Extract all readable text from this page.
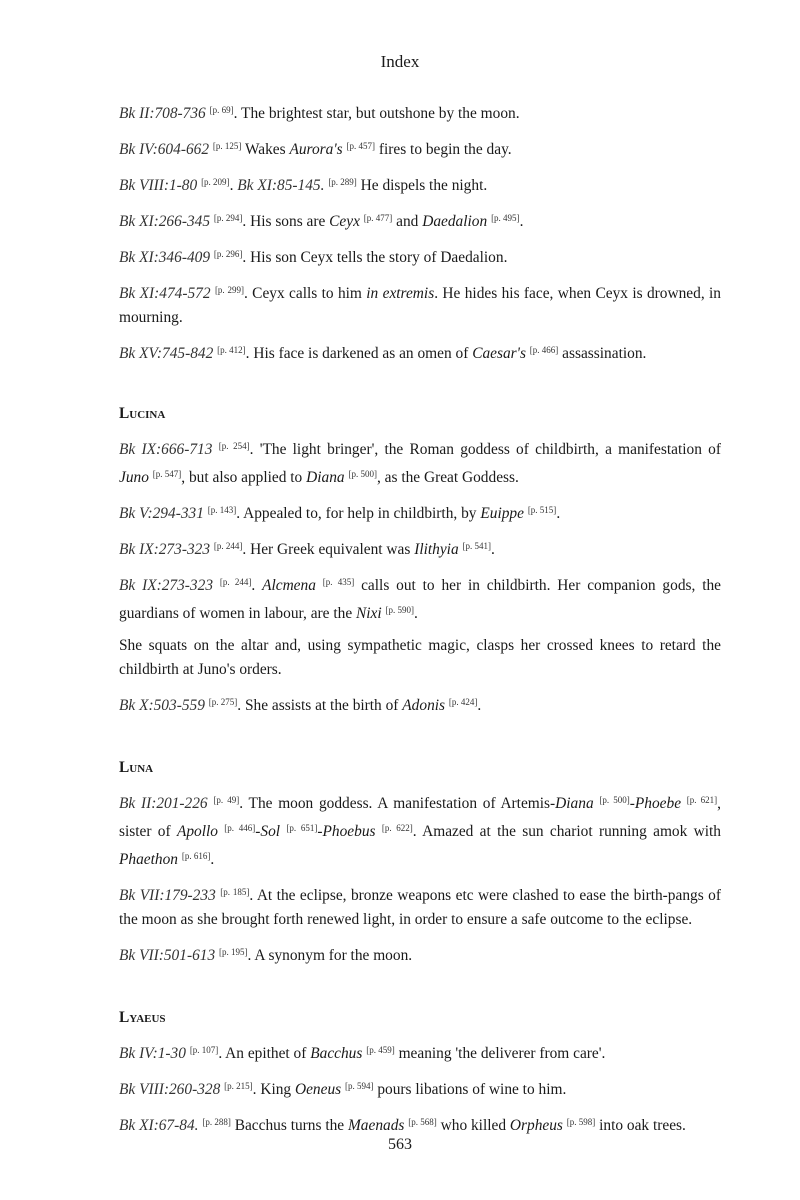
Index

Bk II:708-736 [p. 69]. The brightest star, but outshone by the moon.

Bk IV:604-662 [p. 125] Wakes Aurora's [p. 457] fires to begin the day.

Bk VIII:1-80 [p. 209]. Bk XI:85-145. [p. 289] He dispels the night.

Bk XI:266-345 [p. 294]. His sons are Ceyx [p. 477] and Daedalion [p. 495].

Bk XI:346-409 [p. 296]. His son Ceyx tells the story of Daedalion.

Bk XI:474-572 [p. 299]. Ceyx calls to him in extremis. He hides his face, when Ceyx is drowned, in mourning.

Bk XV:745-842 [p. 412]. His face is darkened as an omen of Caesar's [p. 466] assassination.

Lucina

Bk IX:666-713 [p. 254]. 'The light bringer', the Roman goddess of childbirth, a manifestation of Juno [p. 547], but also applied to Diana [p. 500], as the Great Goddess.

Bk V:294-331 [p. 143]. Appealed to, for help in childbirth, by Euippe [p. 515].

Bk IX:273-323 [p. 244]. Her Greek equivalent was Ilithyia [p. 541].

Bk IX:273-323 [p. 244]. Alcmena [p. 435] calls out to her in childbirth. Her companion gods, the guardians of women in labour, are the Nixi [p. 590].

She squats on the altar and, using sympathetic magic, clasps her crossed knees to retard the childbirth at Juno's orders.

Bk X:503-559 [p. 275]. She assists at the birth of Adonis [p. 424].

Luna

Bk II:201-226 [p. 49]. The moon goddess. A manifestation of Artemis-Diana [p. 500]-Phoebe [p. 621], sister of Apollo [p. 446]-Sol [p. 651]-Phoebus [p. 622]. Amazed at the sun chariot running amok with Phaethon [p. 616].

Bk VII:179-233 [p. 185]. At the eclipse, bronze weapons etc were clashed to ease the birth-pangs of the moon as she brought forth renewed light, in order to ensure a safe outcome to the eclipse.

Bk VII:501-613 [p. 195]. A synonym for the moon.

Lyaeus

Bk IV:1-30 [p. 107]. An epithet of Bacchus [p. 459] meaning 'the deliverer from care'.

Bk VIII:260-328 [p. 215]. King Oeneus [p. 594] pours libations of wine to him.

Bk XI:67-84. [p. 288] Bacchus turns the Maenads [p. 568] who killed Orpheus [p. 598] into oak trees.

563
